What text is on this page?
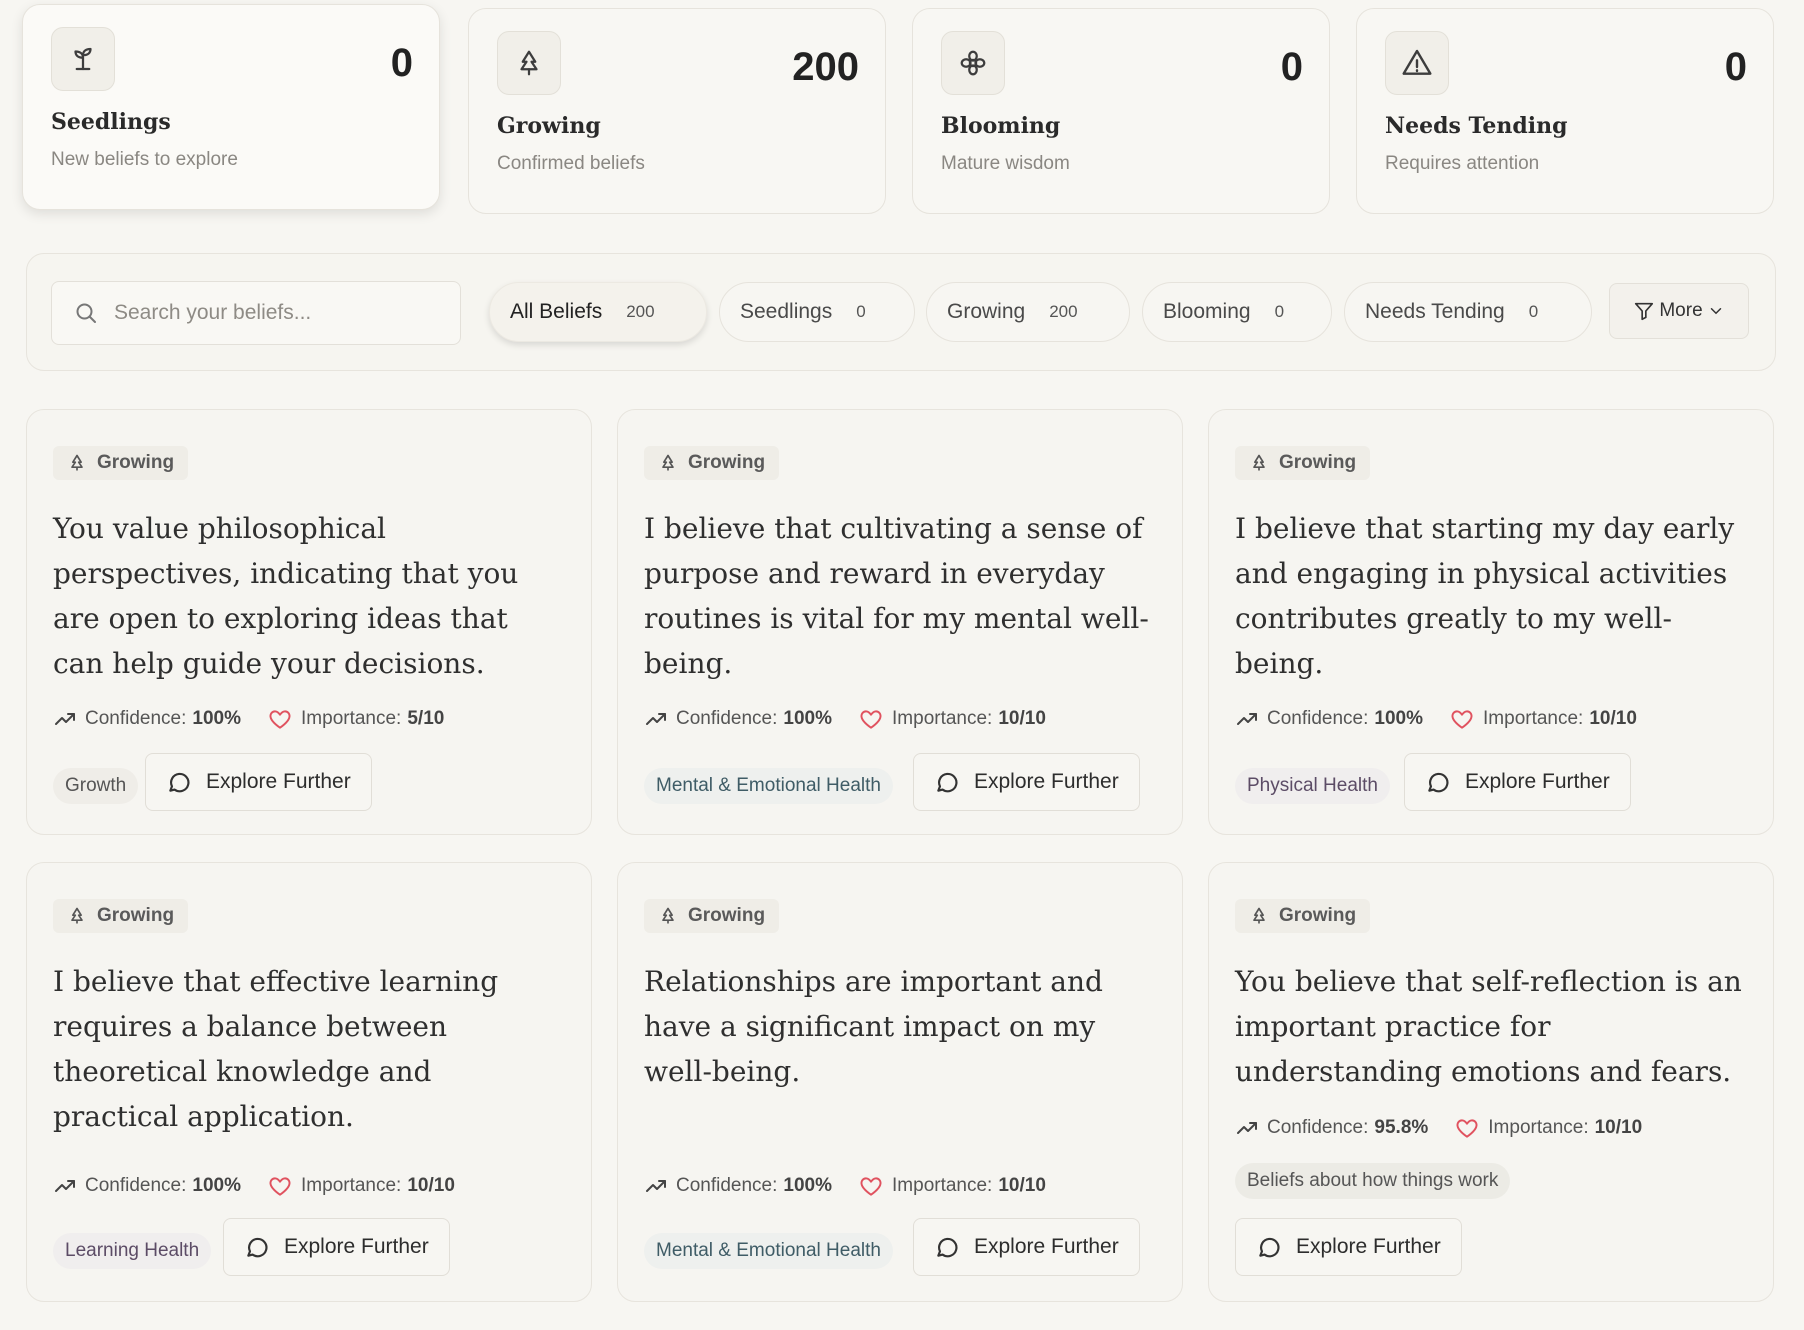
0
Seedlings
New beliefs to explore
200
Growing
Confirmed beliefs
0
Blooming
Mature wisdom
0
Needs Tending
Requires attention
Search your beliefs...
All Beliefs 200	Seedlings 0	Growing 200	Blooming 0	Needs Tending 0	More
Growing
You value philosophical perspectives, indicating that you are open to exploring ideas that can help guide your decisions.
Confidence: 100%	Importance: 5/10
Growth	Explore Further
Growing
I believe that cultivating a sense of purpose and reward in everyday routines is vital for my mental well-being.
Confidence: 100%	Importance: 10/10
Mental & Emotional Health	Explore Further
Growing
I believe that starting my day early and engaging in physical activities contributes greatly to my well-being.
Confidence: 100%	Importance: 10/10
Physical Health	Explore Further
Growing
I believe that effective learning requires a balance between theoretical knowledge and practical application.
Confidence: 100%	Importance: 10/10
Learning Health	Explore Further
Growing
Relationships are important and have a significant impact on my well-being.
Confidence: 100%	Importance: 10/10
Mental & Emotional Health	Explore Further
Growing
You believe that self-reflection is an important practice for understanding emotions and fears.
Confidence: 95.8%	Importance: 10/10
Beliefs about how things work
Explore Further
